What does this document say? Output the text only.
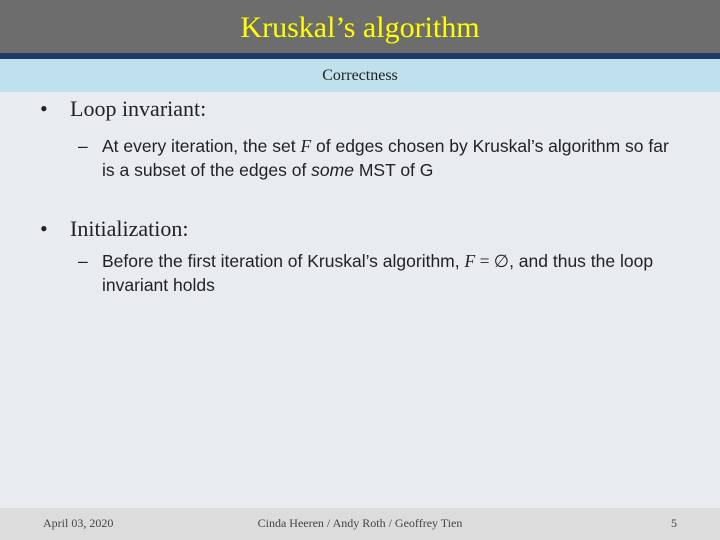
Kruskal’s algorithm
Correctness
• Loop invariant:
– At every iteration, the set F of edges chosen by Kruskal’s algorithm so far is a subset of the edges of some MST of G
• Initialization:
– Before the first iteration of Kruskal’s algorithm, F = ∅, and thus the loop invariant holds
April 03, 2020	Cinda Heeren / Andy Roth / Geoffrey Tien	5
